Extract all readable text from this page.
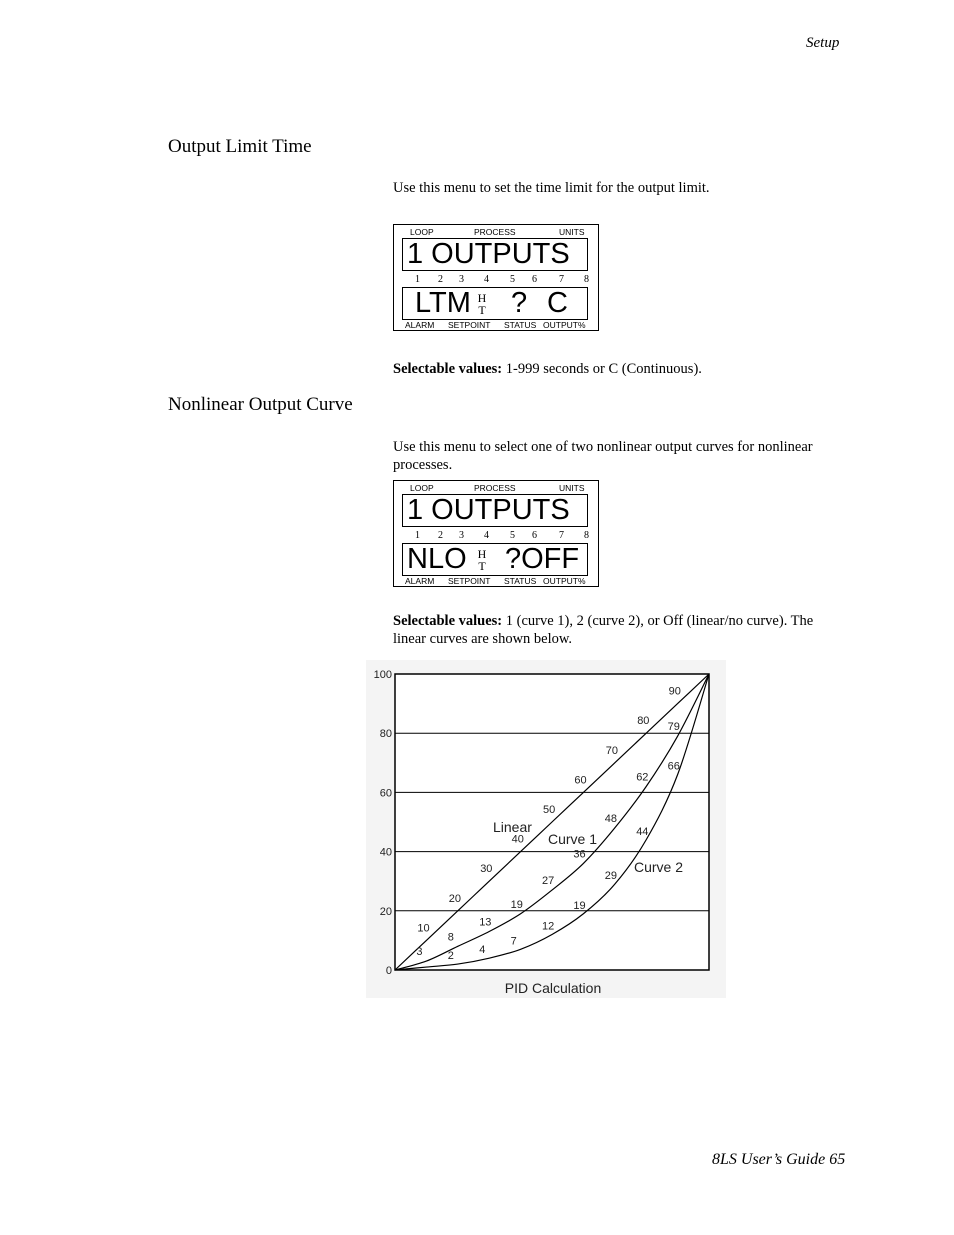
Setup
Output Limit Time
Use this menu to set the time limit for the output limit.
LOOP	PROCESS	UNITS
1 OUTPUTS
1 2 3 4 5 6 7 8
LTM H
T ? C
ALARM SETPOINT STATUS OUTPUT%
Selectable values: 1-999 seconds or C (Continuous).
Nonlinear Output Curve
Use this menu to select one of two nonlinear output curves for nonlinear processes.
LOOP	PROCESS	UNITS
1 OUTPUTS
1 2 3 4 5 6 7 8
NLO H
T ?OFF
ALARM SETPOINT STATUS OUTPUT%
Selectable values: 1 (curve 1), 2 (curve 2), or Off (linear/no curve). The linear curves are shown below.
0
20
40
60
80
100
10
20
30
40
50
60
70
80
90
3
8
13
19
27
36
48
62
79
2 4
7
12
19
29
44
66
Linear
Curve 1
Curve 2
PID Calculation
8LS User’s Guide 65
